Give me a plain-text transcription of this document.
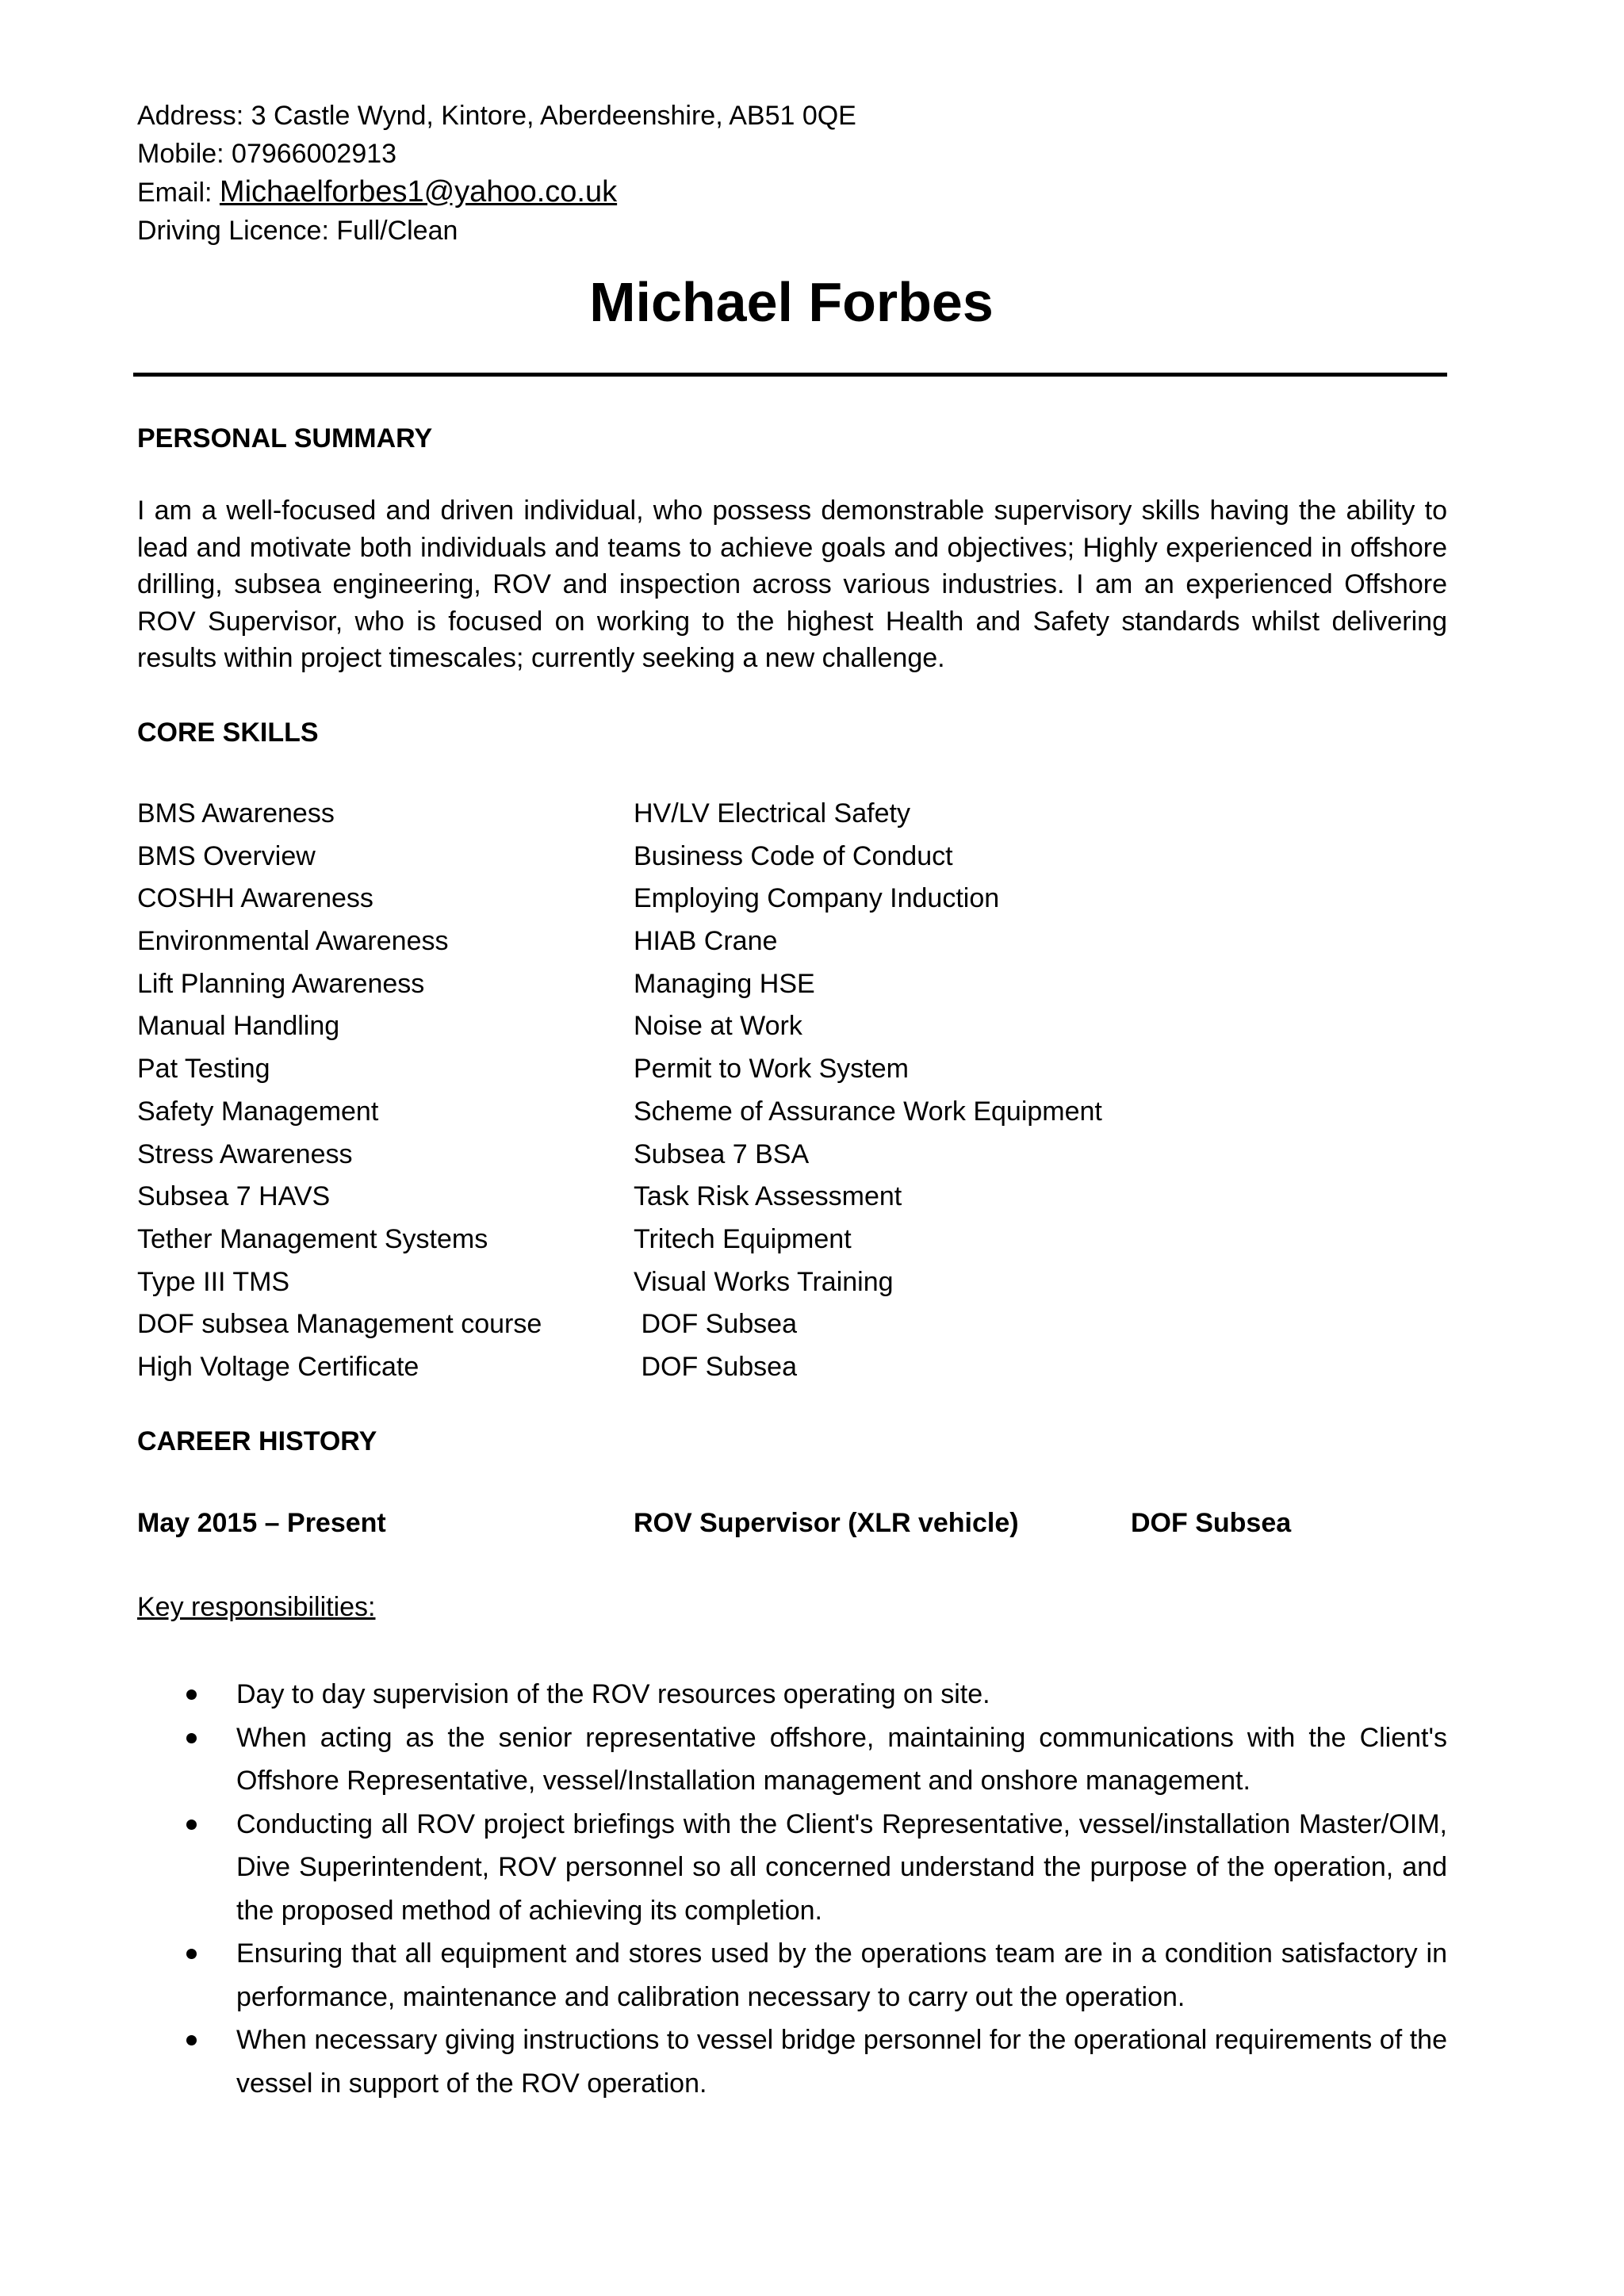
Address: 3 Castle Wynd, Kintore, Aberdeenshire, AB51 0QE
Mobile: 07966002913
Email: Michaelforbes1@yahoo.co.uk
Driving Licence: Full/Clean
Michael Forbes
PERSONAL SUMMARY
I am a well-focused and driven individual, who possess demonstrable supervisory skills having the ability to lead and motivate both individuals and teams to achieve goals and objectives; Highly experienced in offshore drilling, subsea engineering, ROV and inspection across various industries. I am an experienced Offshore ROV Supervisor, who is focused on working to the highest Health and Safety standards whilst delivering results within project timescales; currently seeking a new challenge.
CORE SKILLS
BMS Awareness	HV/LV Electrical Safety
BMS Overview	Business Code of Conduct
COSHH Awareness	Employing Company Induction
Environmental Awareness	HIAB Crane
Lift Planning Awareness	Managing HSE
Manual Handling	Noise at Work
Pat Testing	Permit to Work System
Safety Management	Scheme of Assurance Work Equipment
Stress Awareness	Subsea 7 BSA
Subsea 7 HAVS	Task Risk Assessment
Tether Management Systems	Tritech Equipment
Type III TMS	Visual Works Training
DOF subsea Management course	DOF Subsea
High Voltage Certificate	DOF Subsea
CAREER HISTORY
May 2015 – Present	ROV Supervisor (XLR vehicle)	DOF Subsea
Key responsibilities:
Day to day supervision of the ROV resources operating on site.
When acting as the senior representative offshore, maintaining communications with the Client's Offshore Representative, vessel/Installation management and onshore management.
Conducting all ROV project briefings with the Client's Representative, vessel/installation Master/OIM, Dive Superintendent, ROV personnel so all concerned understand the purpose of the operation, and the proposed method of achieving its completion.
Ensuring that all equipment and stores used by the operations team are in a condition satisfactory in performance, maintenance and calibration necessary to carry out the operation.
When necessary giving instructions to vessel bridge personnel for the operational requirements of the vessel in support of the ROV operation.
